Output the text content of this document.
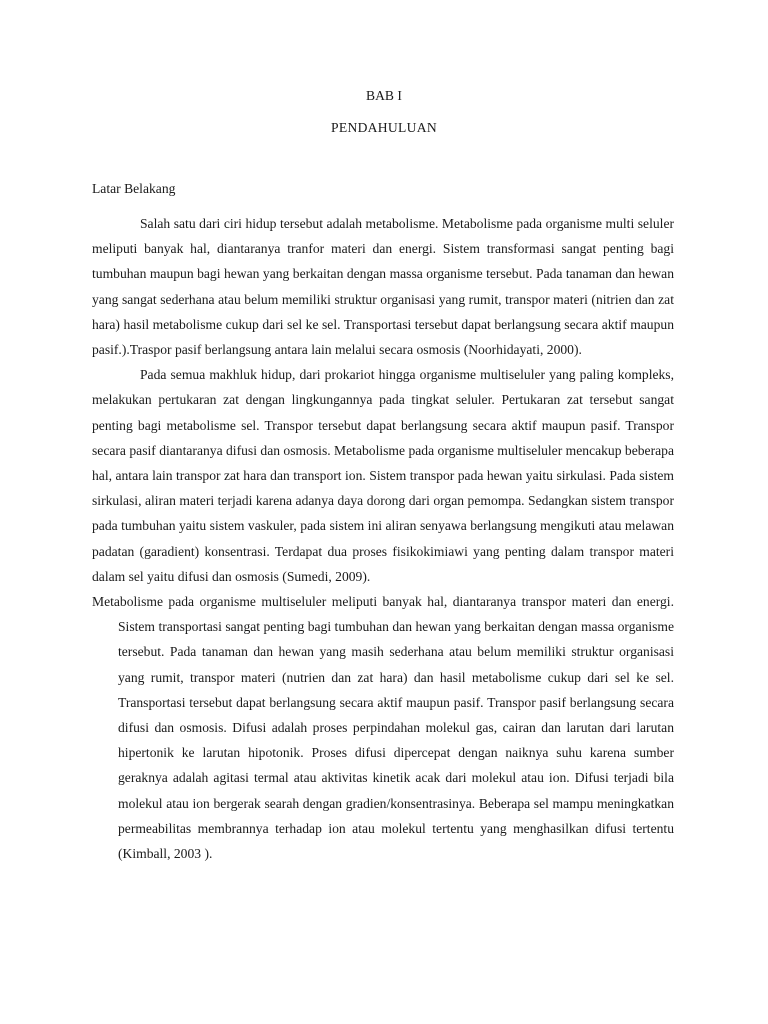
BAB I
PENDAHULUAN
Latar Belakang

Salah satu dari ciri hidup tersebut adalah metabolisme. Metabolisme pada organisme multi seluler meliputi banyak hal, diantaranya tranfor materi dan energi. Sistem transformasi sangat penting bagi tumbuhan maupun bagi hewan yang berkaitan dengan massa organisme tersebut. Pada tanaman dan hewan yang sangat sederhana atau belum memiliki struktur organisasi yang rumit, transpor materi (nitrien dan zat hara) hasil metabolisme cukup dari sel ke sel. Transportasi tersebut dapat berlangsung secara aktif maupun pasif.).Traspor pasif berlangsung antara lain melalui secara osmosis (Noorhidayati, 2000).

Pada semua makhluk hidup, dari prokariot hingga organisme multiseluler yang paling kompleks, melakukan pertukaran zat dengan lingkungannya pada tingkat seluler. Pertukaran zat tersebut sangat penting bagi metabolisme sel. Transpor tersebut dapat berlangsung secara aktif maupun pasif. Transpor secara pasif diantaranya difusi dan osmosis. Metabolisme pada organisme multiseluler mencakup beberapa hal, antara lain transpor zat hara dan transport ion. Sistem transpor pada hewan yaitu sirkulasi. Pada sistem sirkulasi, aliran materi terjadi karena adanya daya dorong dari organ pemompa. Sedangkan sistem transpor pada tumbuhan yaitu sistem vaskuler, pada sistem ini aliran senyawa berlangsung mengikuti atau melawan padatan (garadient) konsentrasi. Terdapat dua proses fisikokimiawi yang penting dalam transpor materi dalam sel yaitu difusi dan osmosis (Sumedi, 2009).

Metabolisme pada organisme multiseluler meliputi banyak hal, diantaranya transpor materi dan energi. Sistem transportasi sangat penting bagi tumbuhan dan hewan yang berkaitan dengan massa organisme tersebut. Pada tanaman dan hewan yang masih sederhana atau belum memiliki struktur organisasi yang rumit, transpor materi (nutrien dan zat hara) dan hasil metabolisme cukup dari sel ke sel. Transportasi tersebut dapat berlangsung secara aktif maupun pasif. Transpor pasif berlangsung secara difusi dan osmosis. Difusi adalah proses perpindahan molekul gas, cairan dan larutan dari larutan hipertonik ke larutan hipotonik. Proses difusi dipercepat dengan naiknya suhu karena sumber geraknya adalah agitasi termal atau aktivitas kinetik acak dari molekul atau ion. Difusi terjadi bila molekul atau ion bergerak searah dengan gradien/konsentrasinya. Beberapa sel mampu meningkatkan permeabilitas membrannya terhadap ion atau molekul tertentu yang menghasilkan difusi tertentu (Kimball, 2003 ).
